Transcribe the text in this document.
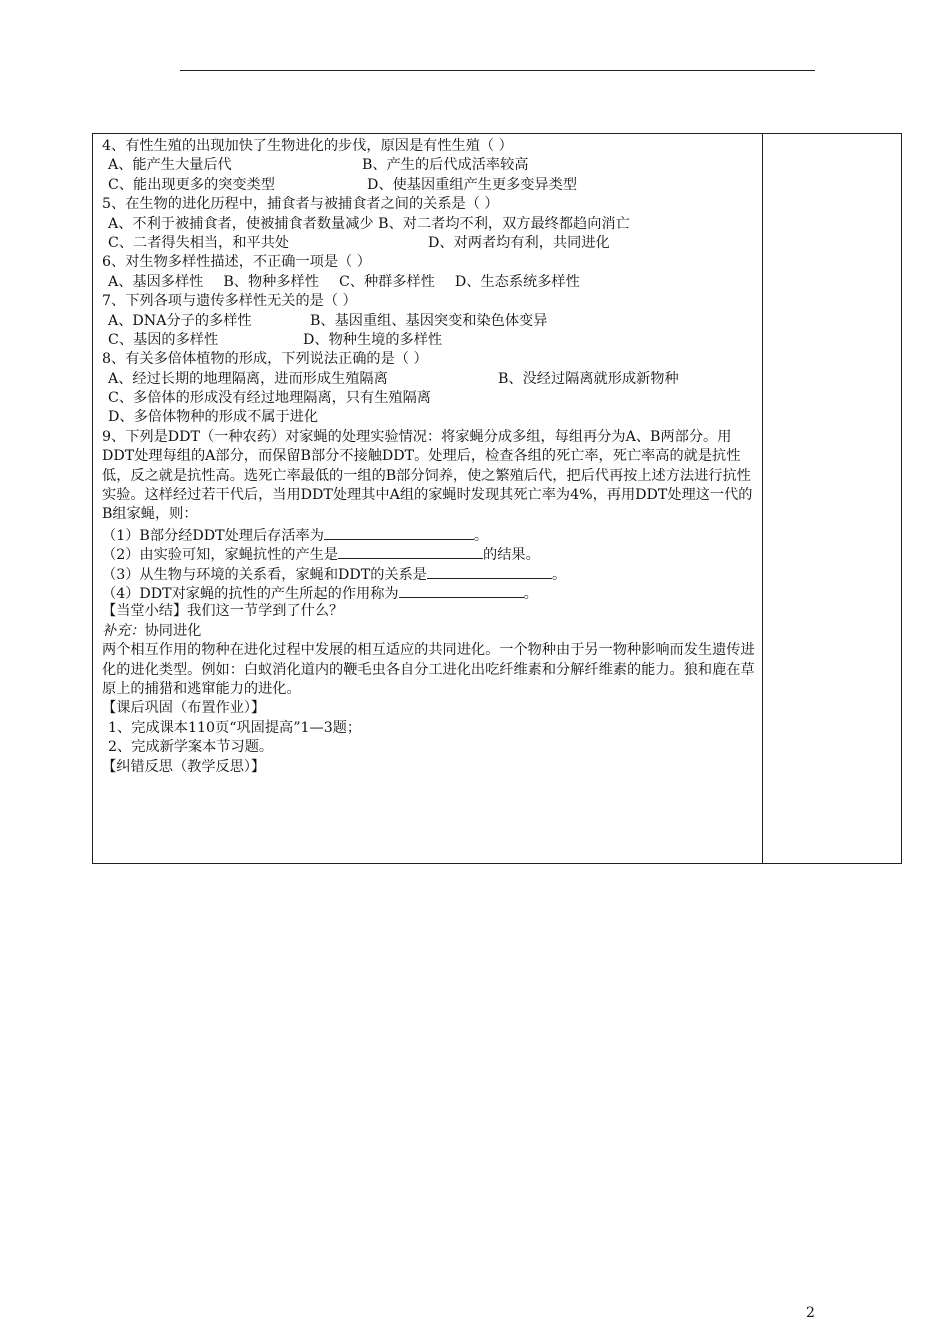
4、有性生殖的出现加快了生物进化的步伐，原因是有性生殖（ ）
A、能产生大量后代	B、产生的后代成活率较高
C、能出现更多的突变类型	D、使基因重组产生更多变异类型
5、在生物的进化历程中，捕食者与被捕食者之间的关系是（ ）
A、不利于被捕食者，使被捕食者数量减少 B、对二者均不利，双方最终都趋向消亡
C、二者得失相当，和平共处	D、对两者均有利，共同进化
6、对生物多样性描述，不正确一项是（ ）
A、基因多样性 B、物种多样性 C、种群多样性 D、生态系统多样性
7、下列各项与遗传多样性无关的是（ ）
A、DNA分子的多样性	B、基因重组、基因突变和染色体变异
C、基因的多样性	D、物种生境的多样性
8、有关多倍体植物的形成，下列说法正确的是（ ）
A、经过长期的地理隔离，进而形成生殖隔离	B、没经过隔离就形成新物种
C、多倍体的形成没有经过地理隔离，只有生殖隔离
D、多倍体物种的形成不属于进化
9、下列是DDT（一种农药）对家蝇的处理实验情况：将家蝇分成多组，每组再分为A、B两部分。用DDT处理每组的A部分，而保留B部分不接触DDT。处理后，检查各组的死亡率，死亡率高的就是抗性低，反之就是抗性高。选死亡率最低的一组的B部分饲养，使之繁殖后代，把后代再按上述方法进行抗性实验。这样经过若干代后，当用DDT处理其中A组的家蝇时发现其死亡率为4%，再用DDT处理这一代的B组家蝇，则：
（1）B部分经DDT处理后存活率为	。
（2）由实验可知，家蝇抗性的产生是	的结果。
（3）从生物与环境的关系看，家蝇和DDT的关系是	。
（4）DDT对家蝇的抗性的产生所起的作用称为	。
【当堂小结】我们这一节学到了什么？
补充：协同进化
两个相互作用的物种在进化过程中发展的相互适应的共同进化。一个物种由于另一物种影响而发生遗传进化的进化类型。例如：白蚁消化道内的鞭毛虫各自分工进化出吃纤维素和分解纤维素的能力。狼和鹿在草原上的捕猎和逃窜能力的进化。
【课后巩固（布置作业）】
1、完成课本110页“巩固提高”1—3题；
2、完成新学案本节习题。
【纠错反思（教学反思）】
2
